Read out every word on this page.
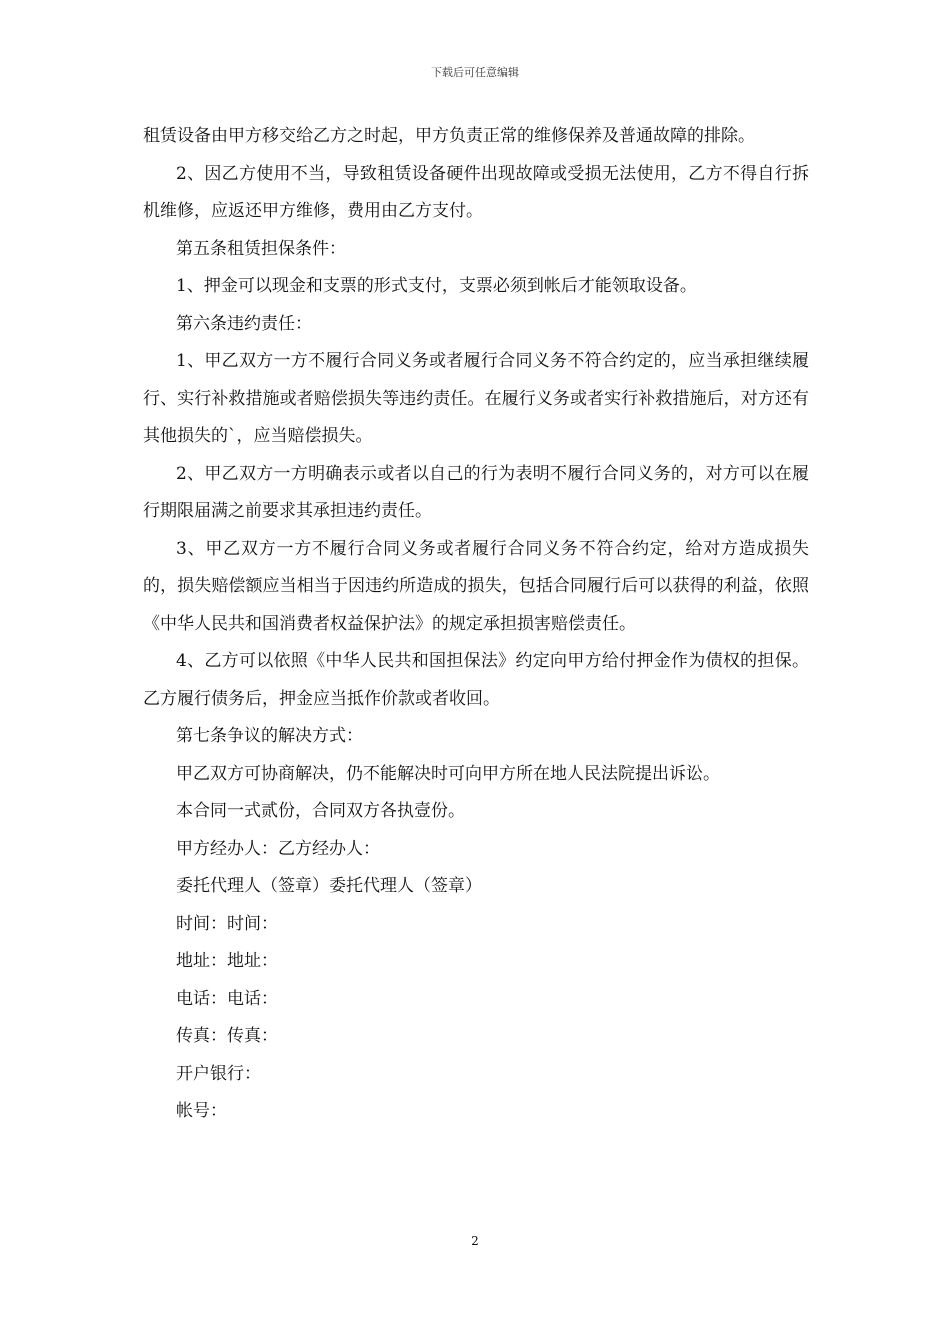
下载后可任意编辑

租赁设备由甲方移交给乙方之时起，甲方负责正常的维修保养及普通故障的排除。

2、因乙方使用不当，导致租赁设备硬件出现故障或受损无法使用，乙方不得自行拆机维修，应返还甲方维修，费用由乙方支付。

第五条租赁担保条件：

1、押金可以现金和支票的形式支付，支票必须到帐后才能领取设备。

第六条违约责任：

1、甲乙双方一方不履行合同义务或者履行合同义务不符合约定的，应当承担继续履行、实行补救措施或者赔偿损失等违约责任。在履行义务或者实行补救措施后，对方还有其他损失的`，应当赔偿损失。

2、甲乙双方一方明确表示或者以自己的行为表明不履行合同义务的，对方可以在履行期限届满之前要求其承担违约责任。

3、甲乙双方一方不履行合同义务或者履行合同义务不符合约定，给对方造成损失的，损失赔偿额应当相当于因违约所造成的损失，包括合同履行后可以获得的利益，依照《中华人民共和国消费者权益保护法》的规定承担损害赔偿责任。

4、乙方可以依照《中华人民共和国担保法》约定向甲方给付押金作为债权的担保。乙方履行债务后，押金应当抵作价款或者收回。

第七条争议的解决方式：

甲乙双方可协商解决，仍不能解决时可向甲方所在地人民法院提出诉讼。

本合同一式贰份，合同双方各执壹份。

甲方经办人：乙方经办人：

委托代理人（签章）委托代理人（签章）

时间：时间：

地址：地址：

电话：电话：

传真：传真：

开户银行：

帐号：

2
